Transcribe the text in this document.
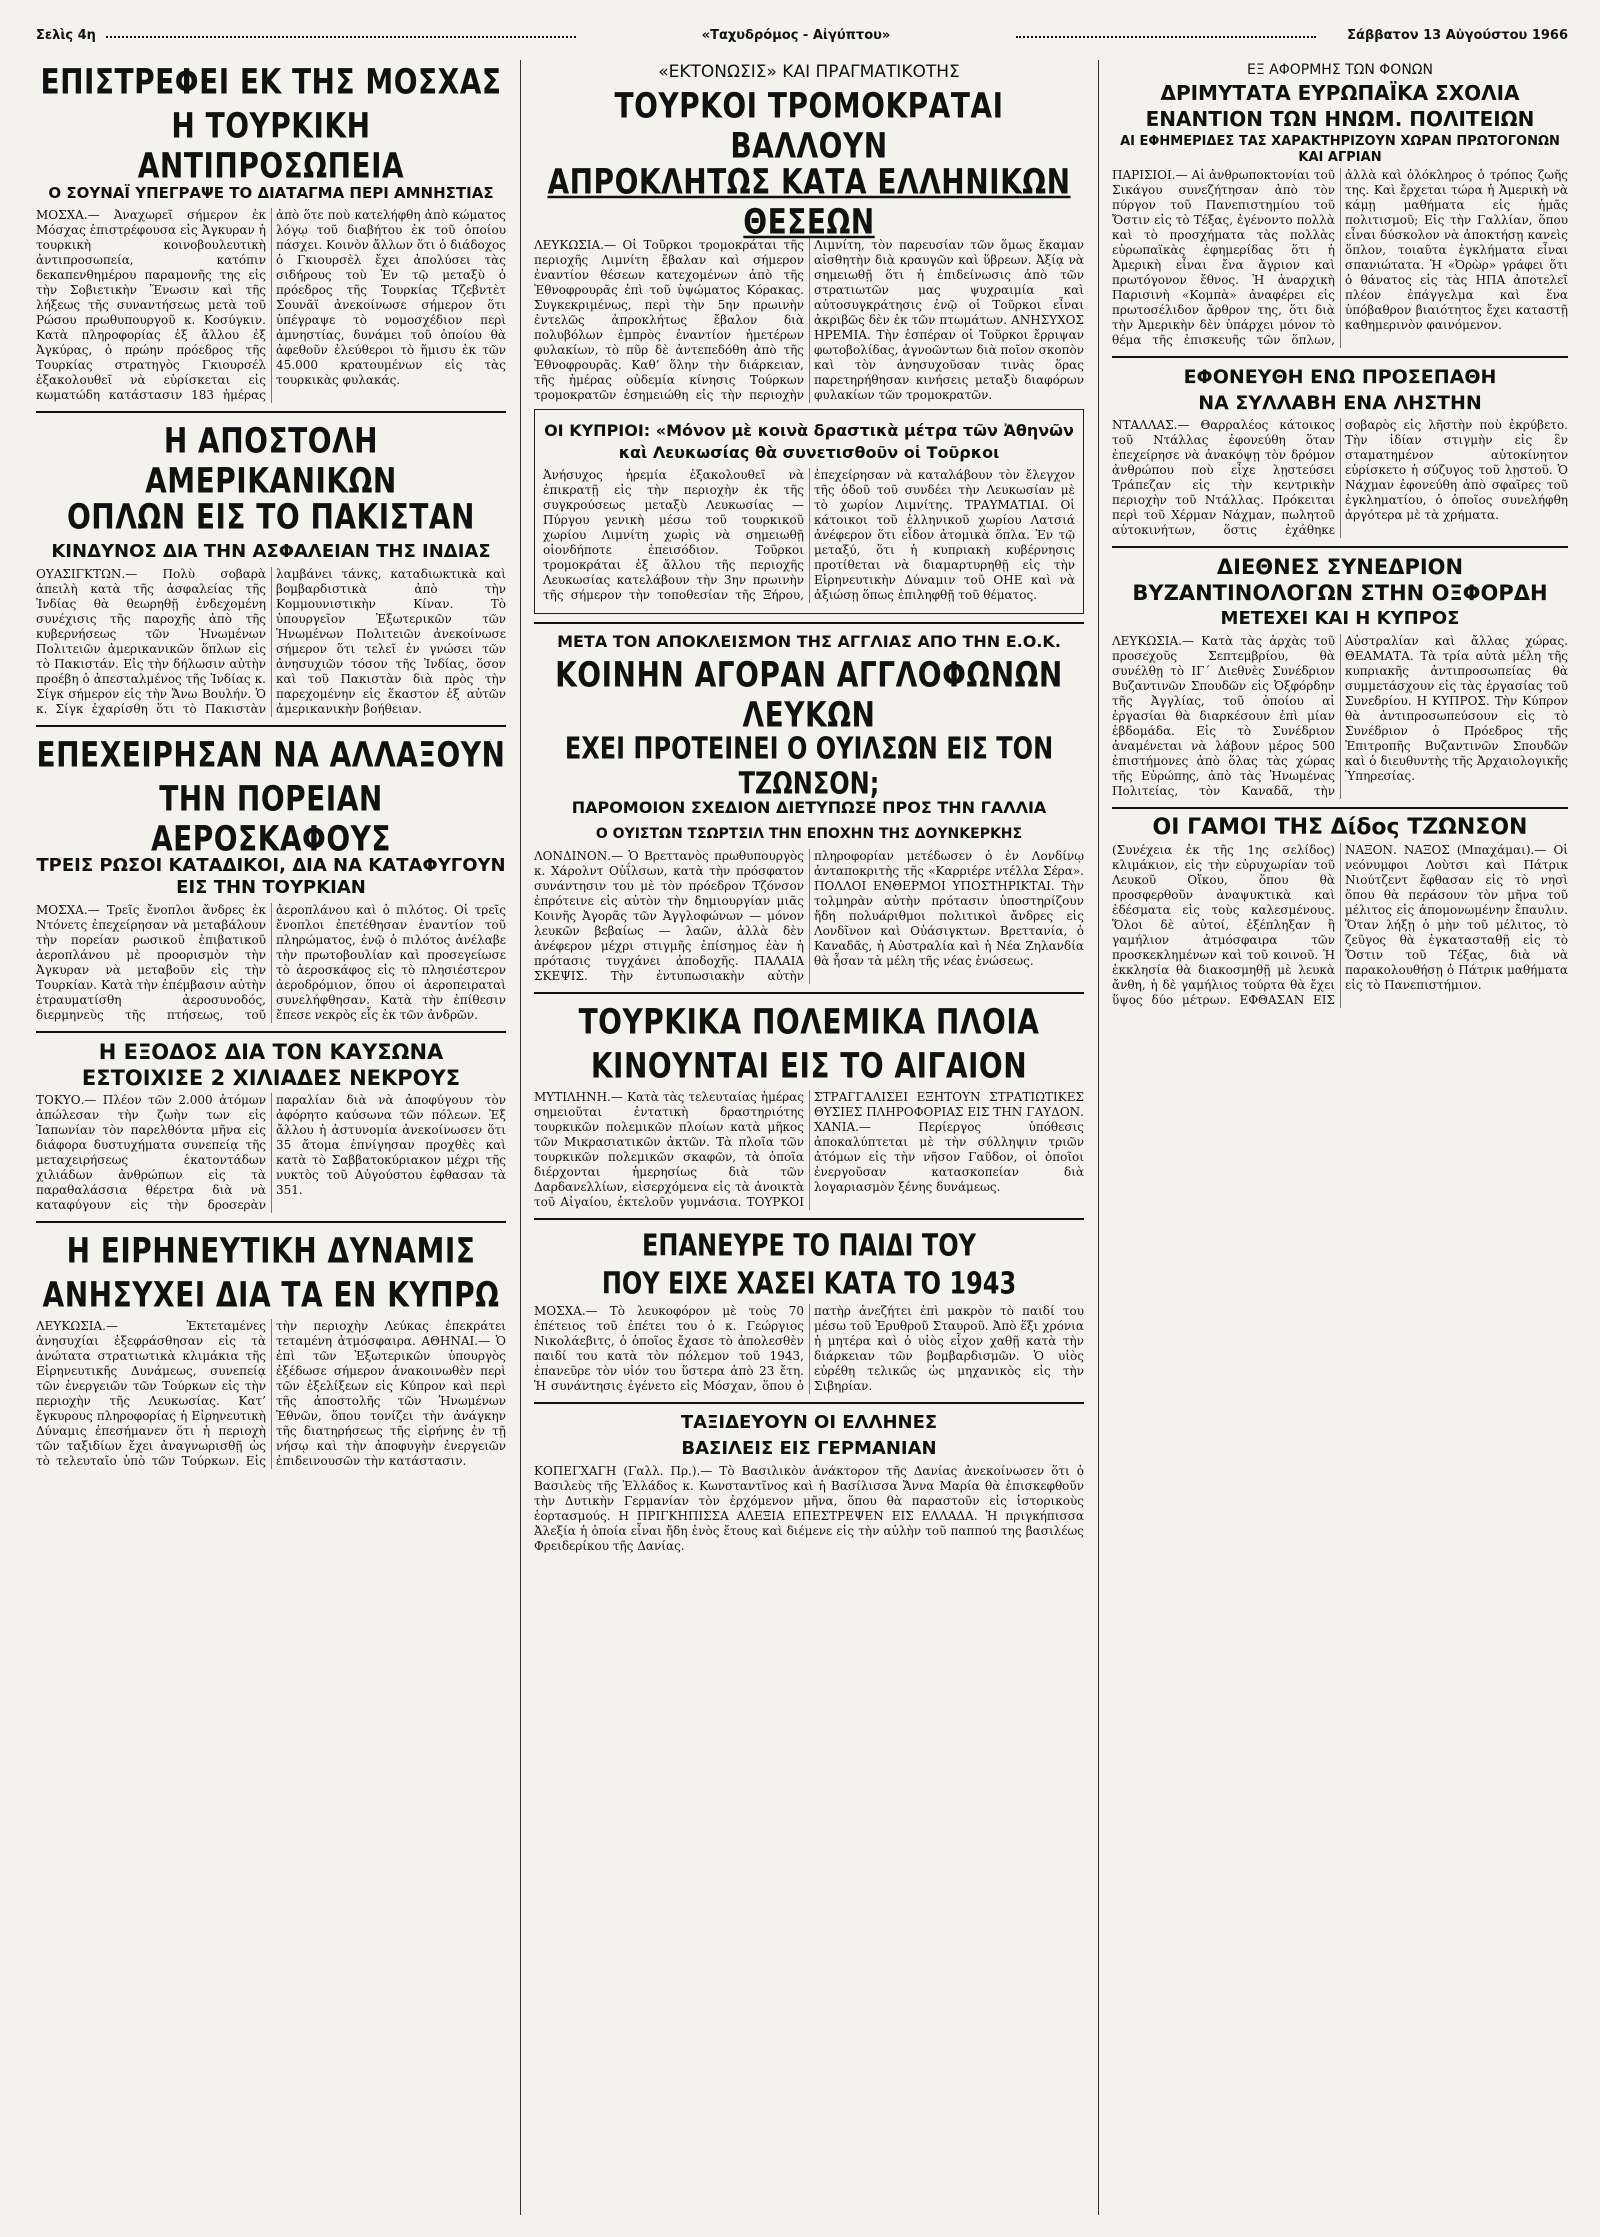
Σελὶς 4η	«Ταχυδρόμος - Αἰγύπτου»	Σάββατον 13 Αὐγούστου 1966
ΕΠΙΣΤΡΕΦΕΙ ΕΚ ΤΗΣ ΜΟΣΧΑΣ
Η ΤΟΥΡΚΙΚΗ ΑΝΤΙΠΡΟΣΩΠΕΙΑ
Ο ΣΟΥΝΑΪ ΥΠΕΓΡΑΨΕ ΤΟ ΔΙΑΤΑΓΜΑ ΠΕΡΙ ΑΜΝΗΣΤΙΑΣ

ΜΟΣΧΑ.— Ἀναχωρεῖ σήμερον ἐκ Μόσχας ἐπιστρέφουσα εἰς Ἀγκυραν ἡ τουρκικὴ κοινοβουλευτικὴ ἀντιπροσωπεία, κατόπιν δεκαπενθημέρου παραμονῆς της εἰς τὴν Σοβιετικὴν Ἕνωσιν καὶ τῆς λήξεως τῆς συναντήσεως μετὰ τοῦ Ρώσου πρωθυπουργοῦ κ. Κοσύγκιν. Κατὰ πληροφορίας ἐξ ἄλλου ἐξ Ἀγκύρας, ὁ πρώην πρόεδρος τῆς Τουρκίας στρατηγὸς Γκιουρσέλ ἐξακολουθεῖ νὰ εὑρίσκεται εἰς κωματώδη κατάστασιν 183 ἡμέρας ἀπὸ ὅτε ποὺ κατελήφθη ἀπὸ κώματος λόγῳ τοῦ διαβήτου ἐκ τοῦ ὁποίου πάσχει. Κοινὸν ἄλλων ὅτι ὁ διάδοχος ὁ Γκιουρσὲλ ἔχει ἀπολύσει τὰς σιδήρους τοὺ Ἐν τῷ μεταξὺ ὁ πρόεδρος τῆς Τουρκίας Τζεβντὲτ Σουνᾶϊ ἀνεκοίνωσε σήμερον ὅτι ὑπέγραψε τὸ νομοσχέδιον περὶ ἀμνηστίας, δυνάμει τοῦ ὁποίου θὰ ἀφεθοῦν ἐλεύθεροι τὸ ἥμισυ ἐκ τῶν 45.000 κρατουμένων εἰς τὰς τουρκικὰς φυλακάς.

Η ΑΠΟΣΤΟΛΗ ΑΜΕΡΙΚΑΝΙΚΩΝ
ΟΠΛΩΝ ΕΙΣ ΤΟ ΠΑΚΙΣΤΑΝ
ΚΙΝΔΥΝΟΣ ΔΙΑ ΤΗΝ ΑΣΦΑΛΕΙΑΝ ΤΗΣ ΙΝΔΙΑΣ

ΟΥΑΣΙΓΚΤΩΝ.— Πολὺ σοβαρὰ ἀπειλὴ κατὰ τῆς ἀσφαλείας τῆς Ἰνδίας θὰ θεωρηθῇ ἐνδεχομένη συνέχισις τῆς παροχῆς ἀπὸ τῆς κυβερνήσεως τῶν Ἡνωμένων Πολιτειῶν ἀμερικανικῶν ὅπλων εἰς τὸ Πακιστάν. Εἰς τὴν δήλωσιν αὐτὴν προέβη ὁ ἀπεσταλμένος τῆς Ἰνδίας κ. Σίγκ σήμερον εἰς τὴν Ἄνω Βουλήν. Ὁ κ. Σίγκ ἐχαρίσθη ὅτι τὸ Πακιστὰν λαμβάνει τάνκς, καταδιωκτικὰ καὶ βομβαρδιστικὰ ἀπὸ τὴν Κομμουνιστικὴν Κίναν. Τὸ ὑπουργεῖον Ἐξωτερικῶν τῶν Ἡνωμένων Πολιτειῶν ἀνεκοίνωσε σήμερον ὅτι τελεῖ ἐν γνώσει τῶν ἀνησυχιῶν τόσον τῆς Ἰνδίας, ὅσον καὶ τοῦ Πακιστὰν διὰ πρὸς τὴν παρεχομένην εἰς ἕκαστον ἐξ αὐτῶν ἀμερικανικὴν βοήθειαν.

ΕΠΕΧΕΙΡΗΣΑΝ ΝΑ ΑΛΛΑΞΟΥΝ
ΤΗΝ ΠΟΡΕΙΑΝ ΑΕΡΟΣΚΑΦΟΥΣ
ΤΡΕΙΣ ΡΩΣΟΙ ΚΑΤΑΔΙΚΟΙ, ΔΙΑ ΝΑ ΚΑΤΑΦΥΓΟΥΝ ΕΙΣ ΤΗΝ ΤΟΥΡΚΙΑΝ

ΜΟΣΧΑ.— Τρεῖς ἔνοπλοι ἄνδρες ἐκ Ντόνετς ἐπεχείρησαν νὰ μεταβάλουν τὴν πορείαν ρωσικοῦ ἐπιβατικοῦ ἀεροπλάνου μὲ προορισμὸν τὴν Ἀγκυραν νὰ μεταβοῦν εἰς τὴν Τουρκίαν. Κατὰ τὴν ἐπέμβασιν αὐτὴν ἐτραυματίσθη ἀεροσυνοδός, διερμηνεὺς τῆς πτήσεως, τοῦ ἀεροπλάνου καὶ ὁ πιλότος. Οἱ τρεῖς ἔνοπλοι ἐπετέθησαν ἐναντίον τοῦ πληρώματος, ἐνῷ ὁ πιλότος ἀνέλαβε τὴν πρωτοβουλίαν καὶ προσεγείωσε τὸ ἀεροσκάφος εἰς τὸ πλησιέστερον ἀεροδρόμιον, ὅπου οἱ ἀεροπειραταὶ συνελήφθησαν. Κατὰ τὴν ἐπίθεσιν ἔπεσε νεκρὸς εἷς ἐκ τῶν ἀνδρῶν.

Η ΕΞΟΔΟΣ ΔΙΑ ΤΟΝ ΚΑΥΣΩΝΑ
ΕΣΤΟΙΧΙΣΕ 2 ΧΙΛΙΑΔΕΣ ΝΕΚΡΟΥΣ

ΤΟΚΥΟ.— Πλέον τῶν 2.000 ἀτόμων ἀπώλεσαν τὴν ζωὴν των εἰς Ἰαπωνίαν τὸν παρελθόντα μῆνα εἰς διάφορα δυστυχήματα συνεπείᾳ τῆς μεταχειρήσεως ἑκατοντάδων χιλιάδων ἀνθρώπων εἰς τὰ παραθαλάσσια θέρετρα διὰ νὰ καταφύγουν εἰς τὴν δροσερὰν παραλίαν διὰ νὰ ἀποφύγουν τὸν ἀφόρητο καύσωνα τῶν πόλεων. Ἐξ ἄλλου ἡ ἀστυνομία ἀνεκοίνωσεν ὅτι 35 ἄτομα ἐπνίγησαν προχθὲς καὶ κατὰ τὸ Σαββατοκύριακον μέχρι τῆς νυκτὸς τοῦ Αὐγούστου ἐφθασαν τὰ 351.

Η ΕΙΡΗΝΕΥΤΙΚΗ ΔΥΝΑΜΙΣ
ΑΝΗΣΥΧΕΙ ΔΙΑ ΤΑ ΕΝ ΚΥΠΡΩ

ΛΕΥΚΩΣΙΑ.— Ἐκτεταμένες ἀνησυχίαι ἐξεφράσθησαν εἰς τὰ ἀνώτατα στρατιωτικὰ κλιμάκια τῆς Εἰρηνευτικῆς Δυνάμεως, συνεπείᾳ τῶν ἐνεργειῶν τῶν Τούρκων εἰς τὴν περιοχὴν τῆς Λευκωσίας. Κατ’ ἔγκυρους πληροφορίας ἡ Εἰρηνευτικὴ Δύναμις ἐπεσήμανεν ὅτι ἡ περιοχὴ τῶν ταξιδίων ἔχει ἀναγνωρισθῇ ὡς τὸ τελευταῖο ὑπὸ τῶν Τούρκων. Εἰς τὴν περιοχὴν Λεύκας ἐπεκράτει τεταμένη ἀτμόσφαιρα. ΑΘΗΝΑΙ.— Ὁ ἐπὶ τῶν Ἐξωτερικῶν ὑπουργὸς ἐξέδωσε σήμερον ἀνακοινωθὲν περὶ τῶν ἐξελίξεων εἰς Κύπρον καὶ περὶ τῆς ἀποστολῆς τῶν Ἡνωμένων Ἐθνῶν, ὅπου τονίζει τὴν ἀνάγκην τῆς διατηρήσεως τῆς εἰρήνης ἐν τῇ νήσῳ καὶ τὴν ἀποφυγὴν ἐνεργειῶν ἐπιδεινουσῶν τὴν κατάστασιν.

«ΕΚΤΟΝΩΣΙΣ» ΚΑΙ ΠΡΑΓΜΑΤΙΚΟΤΗΣ
ΤΟΥΡΚΟΙ ΤΡΟΜΟΚΡΑΤΑΙ ΒΑΛΛΟΥΝ
ΑΠΡΟΚΛΗΤΩΣ ΚΑΤΑ ΕΛΛΗΝΙΚΩΝ ΘΕΣΕΩΝ

ΛΕΥΚΩΣΙΑ.— Οἱ Τοῦρκοι τρομοκράται τῆς περιοχῆς Λιμνίτη ἔβαλαν καὶ σήμερον ἐναντίον θέσεων κατεχομένων ἀπὸ τῆς Ἐθνοφρουρᾶς ἐπὶ τοῦ ὑψώματος Κόρακας. Συγκεκριμένως, περὶ τὴν 5ην πρωινὴν ἐντελῶς ἀπροκλήτως ἔβαλον διὰ πολυβόλων ἐμπρὸς ἐναντίον ἡμετέρων φυλακίων, τὸ πῦρ δὲ ἀντεπεδόθη ἀπὸ τῆς Ἐθνοφρουρᾶς. Καθ’ ὅλην τὴν διάρκειαν, τῆς ἡμέρας οὐδεμία κίνησις Τούρκων τρομοκρατῶν ἐσημειώθη εἰς τὴν περιοχὴν Λιμνίτη, τὸν παρευσίαν τῶν ὅμως ἔκαμαν αἰσθητὴν διὰ κραυγῶν καὶ ὕβρεων. Ἀξίᾳ νὰ σημειωθῇ ὅτι ἡ ἐπιδείνωσις ἀπὸ τῶν στρατιωτῶν μας ψυχραιμία καὶ αὐτοσυγκράτησις ἐνῷ οἱ Τοῦρκοι εἶναι ἀκριβῶς δὲν ἐκ τῶν πτωμάτων. ΑΝΗΣΥΧΟΣ ΗΡΕΜΙΑ. Τὴν ἑσπέραν οἱ Τοῦρκοι ἔρριψαν φωτοβολίδας, ἀγνοῶντων διὰ ποῖον σκοπὸν καὶ τὸν ἀνησυχοῦσαν τινὰς ὅρας παρετηρήθησαν κινήσεις μεταξὺ διαφόρων φυλακίων τῶν τρομοκρατῶν.

ΟΙ ΚΥΠΡΙΟΙ: «Μόνον μὲ κοινὰ δραστικὰ μέτρα τῶν Ἀθηνῶν καὶ Λευκωσίας θὰ συνετισθοῦν οἱ Τοῦρκοι

Ἀνήσυχος ἠρεμία ἐξακολουθεῖ νὰ ἐπικρατῇ εἰς τὴν περιοχὴν ἐκ τῆς συγκρούσεως μεταξὺ Λευκωσίας — Πύργου γενικὴ μέσω τοῦ τουρκικοῦ χωρίου Λιμνίτη χωρὶς νὰ σημειωθῇ οἱονδήποτε ἐπεισόδιον. Τοῦρκοι τρομοκράται ἐξ ἄλλου τῆς περιοχῆς Λευκωσίας κατελάβουν τὴν 3ην πρωινὴν τῆς σήμερον τὴν τοποθεσίαν τῆς Ξήρου, ἐπεχείρησαν νὰ καταλάβουν τὸν ἔλεγχον τῆς ὁδοῦ τοῦ συνδέει τὴν Λευκωσίαν μὲ τὸ χωρίον Λιμνίτης. ΤΡΑΥΜΑΤΙΑΙ. Οἱ κάτοικοι τοῦ ἑλληνικοῦ χωρίου Λατσιά ἀνέφερον ὅτι εἶδον ἀτομικὰ ὅπλα. Ἐν τῷ μεταξύ, ὅτι ἡ κυπριακὴ κυβέρνησις προτίθεται νὰ διαμαρτυρηθῇ εἰς τὴν Εἰρηνευτικὴν Δύναμιν τοῦ ΟΗΕ καὶ νὰ ἀξιώσῃ ὅπως ἐπιληφθῇ τοῦ θέματος.

ΜΕΤΑ ΤΟΝ ΑΠΟΚΛΕΙΣΜΟΝ ΤΗΣ ΑΓΓΛΙΑΣ ΑΠΟ ΤΗΝ Ε.Ο.Κ.
ΚΟΙΝΗΝ ΑΓΟΡΑΝ ΑΓΓΛΟΦΩΝΩΝ ΛΕΥΚΩΝ
ΕΧΕΙ ΠΡΟΤΕΙΝΕΙ Ο ΟΥΙΛΣΩΝ ΕΙΣ ΤΟΝ ΤΖΩΝΣΟΝ;
ΠΑΡΟΜΟΙΟΝ ΣΧΕΔΙΟΝ ΔΙΕΤΥΠΩΣΕ ΠΡΟΣ ΤΗΝ ΓΑΛΛΙΑ
Ο ΟΥΙΣΤΩΝ ΤΣΩΡΤΣΙΛ ΤΗΝ ΕΠΟΧΗΝ ΤΗΣ ΔΟΥΝΚΕΡΚΗΣ

ΛΟΝΔΙΝΟΝ.— Ὁ Βρεττανὸς πρωθυπουργὸς κ. Χάρολντ Οὐΐλσων, κατὰ τὴν πρόσφατον συνάντησιν του μὲ τὸν πρόεδρον Τζόνσον ἐπρότεινε εἰς αὐτὸν τὴν δημιουργίαν μιᾶς Κοινῆς Ἀγορᾶς τῶν Ἀγγλοφώνων — μόνον λευκῶν βεβαίως — λαῶν, ἀλλὰ δὲν ἀνέφερον μέχρι στιγμῆς ἐπίσημος ἐὰν ἡ πρότασις τυγχάνει ἀποδοχῆς. ΠΑΛΑΙΑ ΣΚΕΨΙΣ. Τὴν ἐντυπωσιακὴν αὐτὴν πληροφορίαν μετέδωσεν ὁ ἐν Λονδίνῳ ἀνταποκριτὴς τῆς «Καρριέρε ντέλλα Σέρα». ΠΟΛΛΟΙ ΕΝΘΕΡΜΟΙ ΥΠΟΣΤΗΡΙΚΤΑΙ. Τὴν τολμηρὰν αὐτὴν πρότασιν ὑποστηρίζουν ἤδη πολυάριθμοι πολιτικοὶ ἄνδρες εἰς Λονδῖνον καὶ Οὐάσιγκτων. Βρεττανία, ὁ Καναδᾶς, ἡ Αὐστραλία καὶ ἡ Νέα Ζηλανδία θὰ ἦσαν τὰ μέλη τῆς νέας ἑνώσεως.

ΤΟΥΡΚΙΚΑ ΠΟΛΕΜΙΚΑ ΠΛΟΙΑ
ΚΙΝΟΥΝΤΑΙ ΕΙΣ ΤΟ ΑΙΓΑΙΟΝ

ΜΥΤΙΛΗΝΗ.— Κατὰ τὰς τελευταίας ἡμέρας σημειοῦται ἐντατικὴ δραστηριότης τουρκικῶν πολεμικῶν πλοίων κατὰ μῆκος τῶν Μικρασιατικῶν ἀκτῶν. Τὰ πλοῖα τῶν τουρκικῶν πολεμικῶν σκαφῶν, τὰ ὁποῖα διέρχονται ἡμερησίως διὰ τῶν Δαρδανελλίων, εἰσερχόμενα εἰς τὰ ἀνοικτὰ τοῦ Αἰγαίου, ἐκτελοῦν γυμνάσια. ΤΟΥΡΚΟΙ ΣΤΡΑΓΓΑΛΙΣΕΙ ΕΞΗΤΟΥΝ ΣΤΡΑΤΙΩΤΙΚΕΣ ΘΥΣΙΕΣ ΠΛΗΡΟΦΟΡΙΑΣ ΕΙΣ ΤΗΝ ΓΑΥΔΟΝ. ΧΑΝΙΑ.— Περίεργος ὑπόθεσις ἀποκαλύπτεται μὲ τὴν σύλληψιν τριῶν ἀτόμων εἰς τὴν νῆσον Γαῦδον, οἱ ὁποῖοι ἐνεργοῦσαν κατασκοπείαν διὰ λογαριασμὸν ξένης δυνάμεως.

ΕΠΑΝΕΥΡΕ ΤΟ ΠΑΙΔΙ ΤΟΥ
ΠΟΥ ΕΙΧΕ ΧΑΣΕΙ ΚΑΤΑ ΤΟ 1943

ΜΟΣΧΑ.— Τὸ λευκοφόρον μὲ τοὺς 70 ἐπέτειος τοῦ ἐπέτει του ὁ κ. Γεώργιος Νικολάεβιτς, ὁ ὁποῖος ἔχασε τὸ ἀπολεσθὲν παιδί του κατὰ τὸν πόλεμον τοῦ 1943, ἐπανεῦρε τὸν υἱόν του ὕστερα ἀπὸ 23 ἔτη. Ἡ συνάντησις ἐγένετο εἰς Μόσχαν, ὅπου ὁ πατὴρ ἀνεζήτει ἐπὶ μακρὸν τὸ παιδί του μέσω τοῦ Ἐρυθροῦ Σταυροῦ. Ἀπὸ ἕξι χρόνια ἡ μητέρα καὶ ὁ υἱὸς εἶχον χαθῇ κατὰ τὴν διάρκειαν τῶν βομβαρδισμῶν. Ὁ υἱὸς εὐρέθη τελικῶς ὡς μηχανικὸς εἰς τὴν Σιβηρίαν.

ΤΑΞΙΔΕΥΟΥΝ ΟΙ ΕΛΛΗΝΕΣ
ΒΑΣΙΛΕΙΣ ΕΙΣ ΓΕΡΜΑΝΙΑΝ

ΚΟΠΕΓΧΑΓΗ (Γαλλ. Πρ.).— Τὸ Βασιλικὸν ἀνάκτορον τῆς Δανίας ἀνεκοίνωσεν ὅτι ὁ Βασιλεὺς τῆς Ἑλλάδος κ. Κωνσταντῖνος καὶ ἡ Βασίλισσα Ἄννα Μαρία θὰ ἐπισκεφθοῦν τὴν Δυτικὴν Γερμανίαν τὸν ἐρχόμενον μῆνα, ὅπου θὰ παραστοῦν εἰς ἱστορικοὺς ἑορτασμούς. Η ΠΡΙΓΚΗΠΙΣΣΑ ΑΛΕΞΙΑ ΕΠΕΣΤΡΕΨΕΝ ΕΙΣ ΕΛΛΑΔΑ. Ἡ πριγκήπισσα Ἀλεξία ἡ ὁποία εἶναι ἤδη ἑνὸς ἔτους καὶ διέμενε εἰς τὴν αὐλὴν τοῦ παππού της βασιλέως Φρειδερίκου τῆς Δανίας.

ΕΞ ΑΦΟΡΜΗΣ ΤΩΝ ΦΟΝΩΝ
ΔΡΙΜΥΤΑΤΑ ΕΥΡΩΠΑΪΚΑ ΣΧΟΛΙΑ
ΕΝΑΝΤΙΟΝ ΤΩΝ ΗΝΩΜ. ΠΟΛΙΤΕΙΩΝ
ΑΙ ΕΦΗΜΕΡΙΔΕΣ ΤΑΣ ΧΑΡΑΚΤΗΡΙΖΟΥΝ ΧΩΡΑΝ ΠΡΩΤΟΓΟΝΩΝ ΚΑΙ ΑΓΡΙΑΝ

ΠΑΡΙΣΙΟΙ.— Αἱ ἀνθρωποκτονίαι τοῦ Σικάγου συνεζήτησαν ἀπὸ τὸν πύργον τοῦ Πανεπιστημίου τοῦ Ὄστιν εἰς τὸ Τέξας, ἐγένοντο πολλὰ καὶ τὸ προσχήματα τὰς πολλὰς εὐρωπαϊκὰς ἐφημερίδας ὅτι ἡ Ἀμερικὴ εἶναι ἔνα ἄγριον καὶ πρωτόγονον ἔθνος. Ἡ ἀναρχικὴ Παρισινὴ «Κομπὰ» ἀναφέρει εἰς πρωτοσέλιδον ἄρθρον της, ὅτι διὰ τὴν Ἀμερικὴν δὲν ὑπάρχει μόνον τὸ θέμα τῆς ἐπισκευῆς τῶν ὅπλων, ἀλλὰ καὶ ὁλόκληρος ὁ τρόπος ζωῆς της. Καὶ ἔρχεται τώρα ἡ Ἀμερικὴ νὰ κάμῃ μαθήματα εἰς ἡμᾶς πολιτισμοῦ; Εἰς τὴν Γαλλίαν, ὅπου εἶναι δύσκολον νὰ ἀποκτήσῃ κανεὶς ὅπλον, τοιαῦτα ἐγκλήματα εἶναι σπανιώτατα. Ἡ «Ὀρὼρ» γράφει ὅτι ὁ θάνατος εἰς τὰς ΗΠΑ ἀποτελεῖ πλέον ἐπάγγελμα καὶ ἕνα ὑπόβαθρον βιαιότητος ἔχει καταστῇ καθημερινὸν φαινόμενον.

ΕΦΟΝΕΥΘΗ ΕΝΩ ΠΡΟΣΕΠΑΘΗ
ΝΑ ΣΥΛΛΑΒΗ ΕΝΑ ΛΗΣΤΗΝ

ΝΤΑΛΛΑΣ.— Θαρραλέος κάτοικος τοῦ Ντάλλας ἐφονεύθη ὅταν ἐπεχείρησε νὰ ἀνακόψῃ τὸν δρόμον ἀνθρώπου ποὺ εἶχε λῃστεύσει Τράπεζαν εἰς τὴν κεντρικὴν περιοχὴν τοῦ Ντάλλας. Πρόκειται περὶ τοῦ Χέρμαν Νάχμαν, πωλητοῦ αὐτοκινήτων, ὅστις ἐχάθηκε σοβαρὸς εἰς λῆστὴν ποὺ ἐκρύβετο. Τὴν ἰδίαν στιγμὴν εἰς ἓν σταματημένον αὐτοκίνητον εὑρίσκετο ἡ σύζυγος τοῦ λῃστοῦ. Ὁ Νάχμαν ἐφονεύθη ἀπὸ σφαῖρες τοῦ ἐγκληματίου, ὁ ὁποῖος συνελήφθη ἀργότερα μὲ τὰ χρήματα.

ΔΙΕΘΝΕΣ ΣΥΝΕΔΡΙΟΝ
ΒΥΖΑΝΤΙΝΟΛΟΓΩΝ ΣΤΗΝ ΟΞΦΟΡΔΗ
ΜΕΤΕΧΕΙ ΚΑΙ Η ΚΥΠΡΟΣ

ΛΕΥΚΩΣΙΑ.— Κατὰ τὰς ἀρχὰς τοῦ προσεχοῦς Σεπτεμβρίου, θὰ συνέλθῃ τὸ ΙΓ΄ Διεθνὲς Συνέδριον Βυζαντινῶν Σπουδῶν εἰς Ὀξφόρδην τῆς Ἀγγλίας, τοῦ ὁποίου αἱ ἐργασίαι θὰ διαρκέσουν ἐπὶ μίαν ἑβδομάδα. Εἰς τὸ Συνέδριον ἀναμένεται νὰ λάβουν μέρος 500 ἐπιστήμονες ἀπὸ ὅλας τὰς χώρας τῆς Εὐρώπης, ἀπὸ τὰς Ἡνωμένας Πολιτείας, τὸν Καναδᾶ, τὴν Αὐστραλίαν καὶ ἄλλας χώρας. ΘΕΑΜΑΤΑ. Τὰ τρία αὐτὰ μέλη τῆς κυπριακῆς ἀντιπροσωπείας θὰ συμμετάσχουν εἰς τὰς ἐργασίας τοῦ Συνεδρίου. Η ΚΥΠΡΟΣ. Τὴν Κύπρον θὰ ἀντιπροσωπεύσουν εἰς τὸ Συνέδριον ὁ Πρόεδρος τῆς Ἐπιτροπῆς Βυζαντινῶν Σπουδῶν καὶ ὁ διευθυντὴς τῆς Ἀρχαιολογικῆς Ὑπηρεσίας.

ΟΙ ΓΑΜΟΙ ΤΗΣ Δίδος ΤΖΩΝΣΟΝ

(Συνέχεια ἐκ τῆς 1ης σελίδος) κλιμάκιον, εἰς τὴν εὐρυχωρίαν τοῦ Λευκοῦ Οἴκου, ὅπου θὰ προσφερθοῦν ἀναψυκτικὰ καὶ ἐδέσματα εἰς τοὺς καλεσμένους. Ὅλοι δὲ αὐτοί, ἐξέπληξαν ἢ γαμήλιον ἀτμόσφαιρα τῶν προσκεκλημένων καὶ τοῦ κοινοῦ. Ἡ ἐκκλησία θὰ διακοσμηθῇ μὲ λευκὰ ἄνθη, ἡ δὲ γαμήλιος τούρτα θὰ ἔχει ὕψος δύο μέτρων. ΕΦΘΑΣΑΝ ΕΙΣ ΝΑΞΟΝ. ΝΑΞΟΣ (Μπαχάμαι).— Οἱ νεόνυμφοι Λοὺτσι καὶ Πάτρικ Νιούτζεντ ἔφθασαν εἰς τὸ νησὶ ὅπου θὰ περάσουν τὸν μῆνα τοῦ μέλιτος εἰς ἀπομονωμένην ἔπαυλιν. Ὅταν λήξῃ ὁ μὴν τοῦ μέλιτος, τὸ ζεῦγος θὰ ἐγκατασταθῇ εἰς τὸ Ὄστιν τοῦ Τέξας, διὰ νὰ παρακολουθήσῃ ὁ Πάτρικ μαθήματα εἰς τὸ Πανεπιστήμιον.
